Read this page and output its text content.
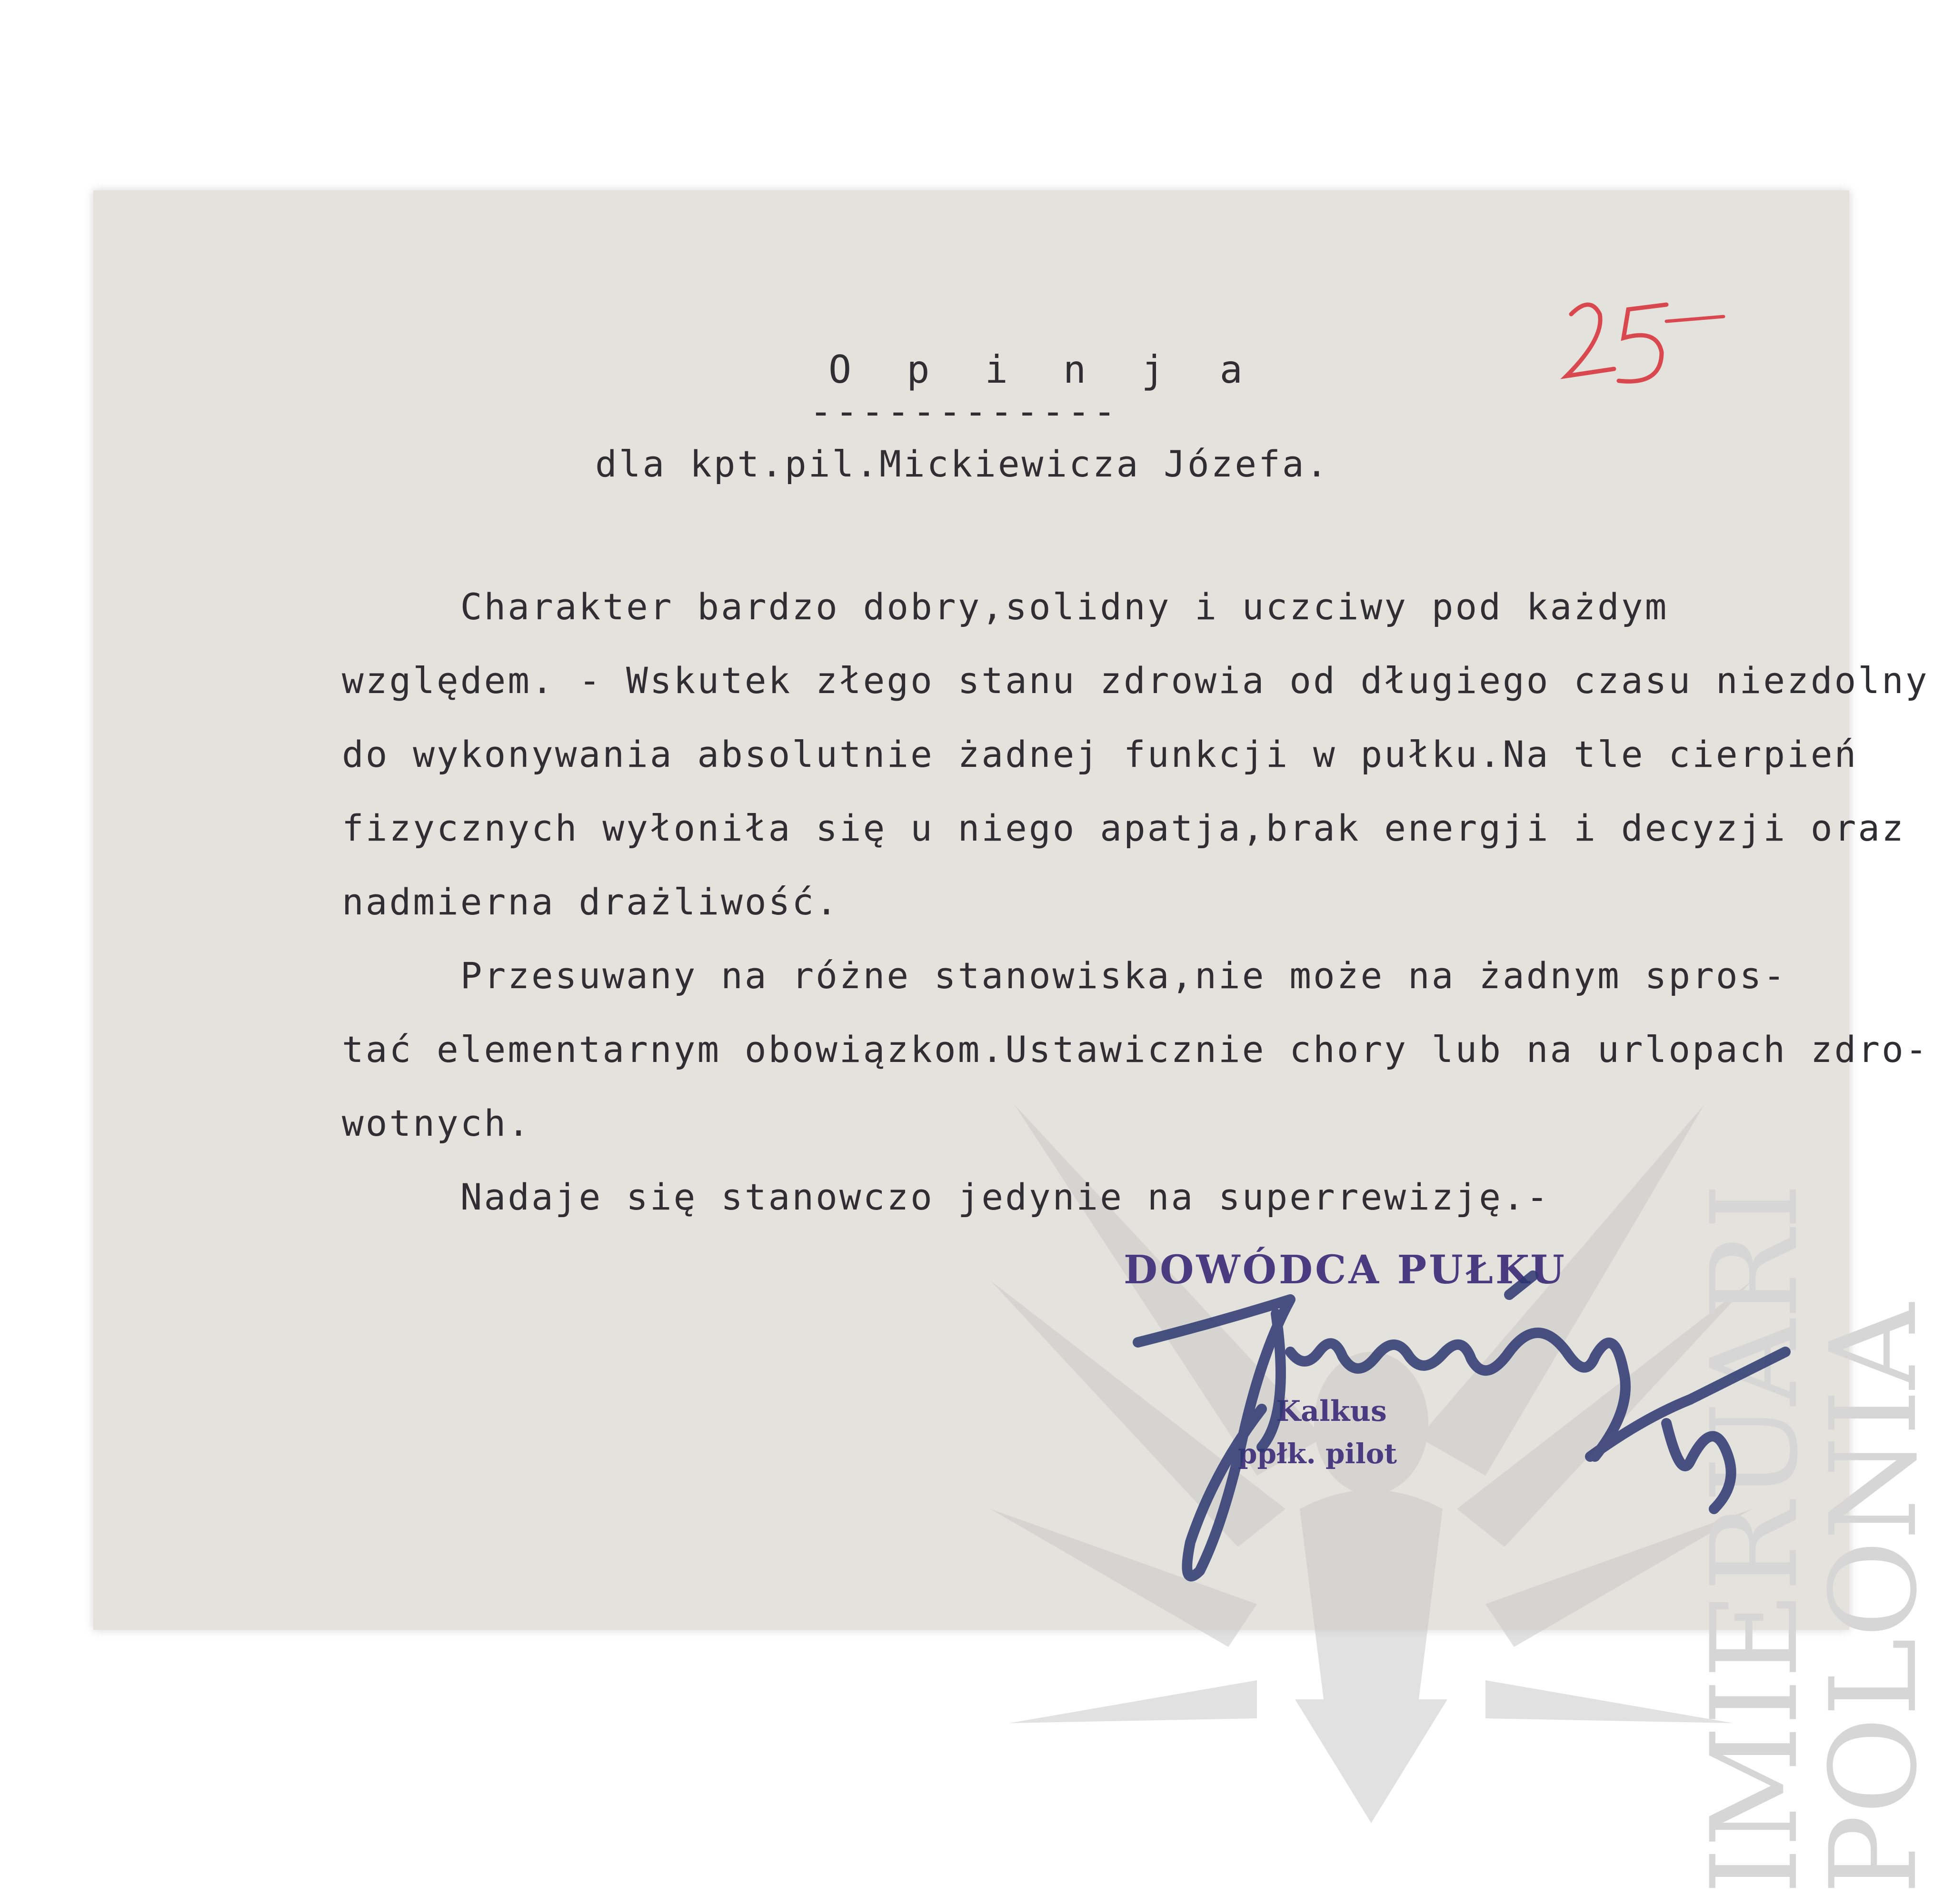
IMIERUARI
POLONIA
O p i n j a
------------
dla kpt.pil.Mickiewicza Józefa.
Charakter bardzo dobry,solidny i uczciwy pod każdym
względem. - Wskutek złego stanu zdrowia od długiego czasu niezdolny
do wykonywania absolutnie żadnej funkcji w pułku.Na tle cierpień
fizycznych wyłoniła się u niego apatja,brak energji i decyzji oraz
nadmierna drażliwość.
Przesuwany na różne stanowiska,nie może na żadnym spros-
tać elementarnym obowiązkom.Ustawicznie chory lub na urlopach zdro-
wotnych.
Nadaje się stanowczo jedynie na superrewizję.-
DOWÓDCA PUŁKU
Kalkus
ppłk. pilot
